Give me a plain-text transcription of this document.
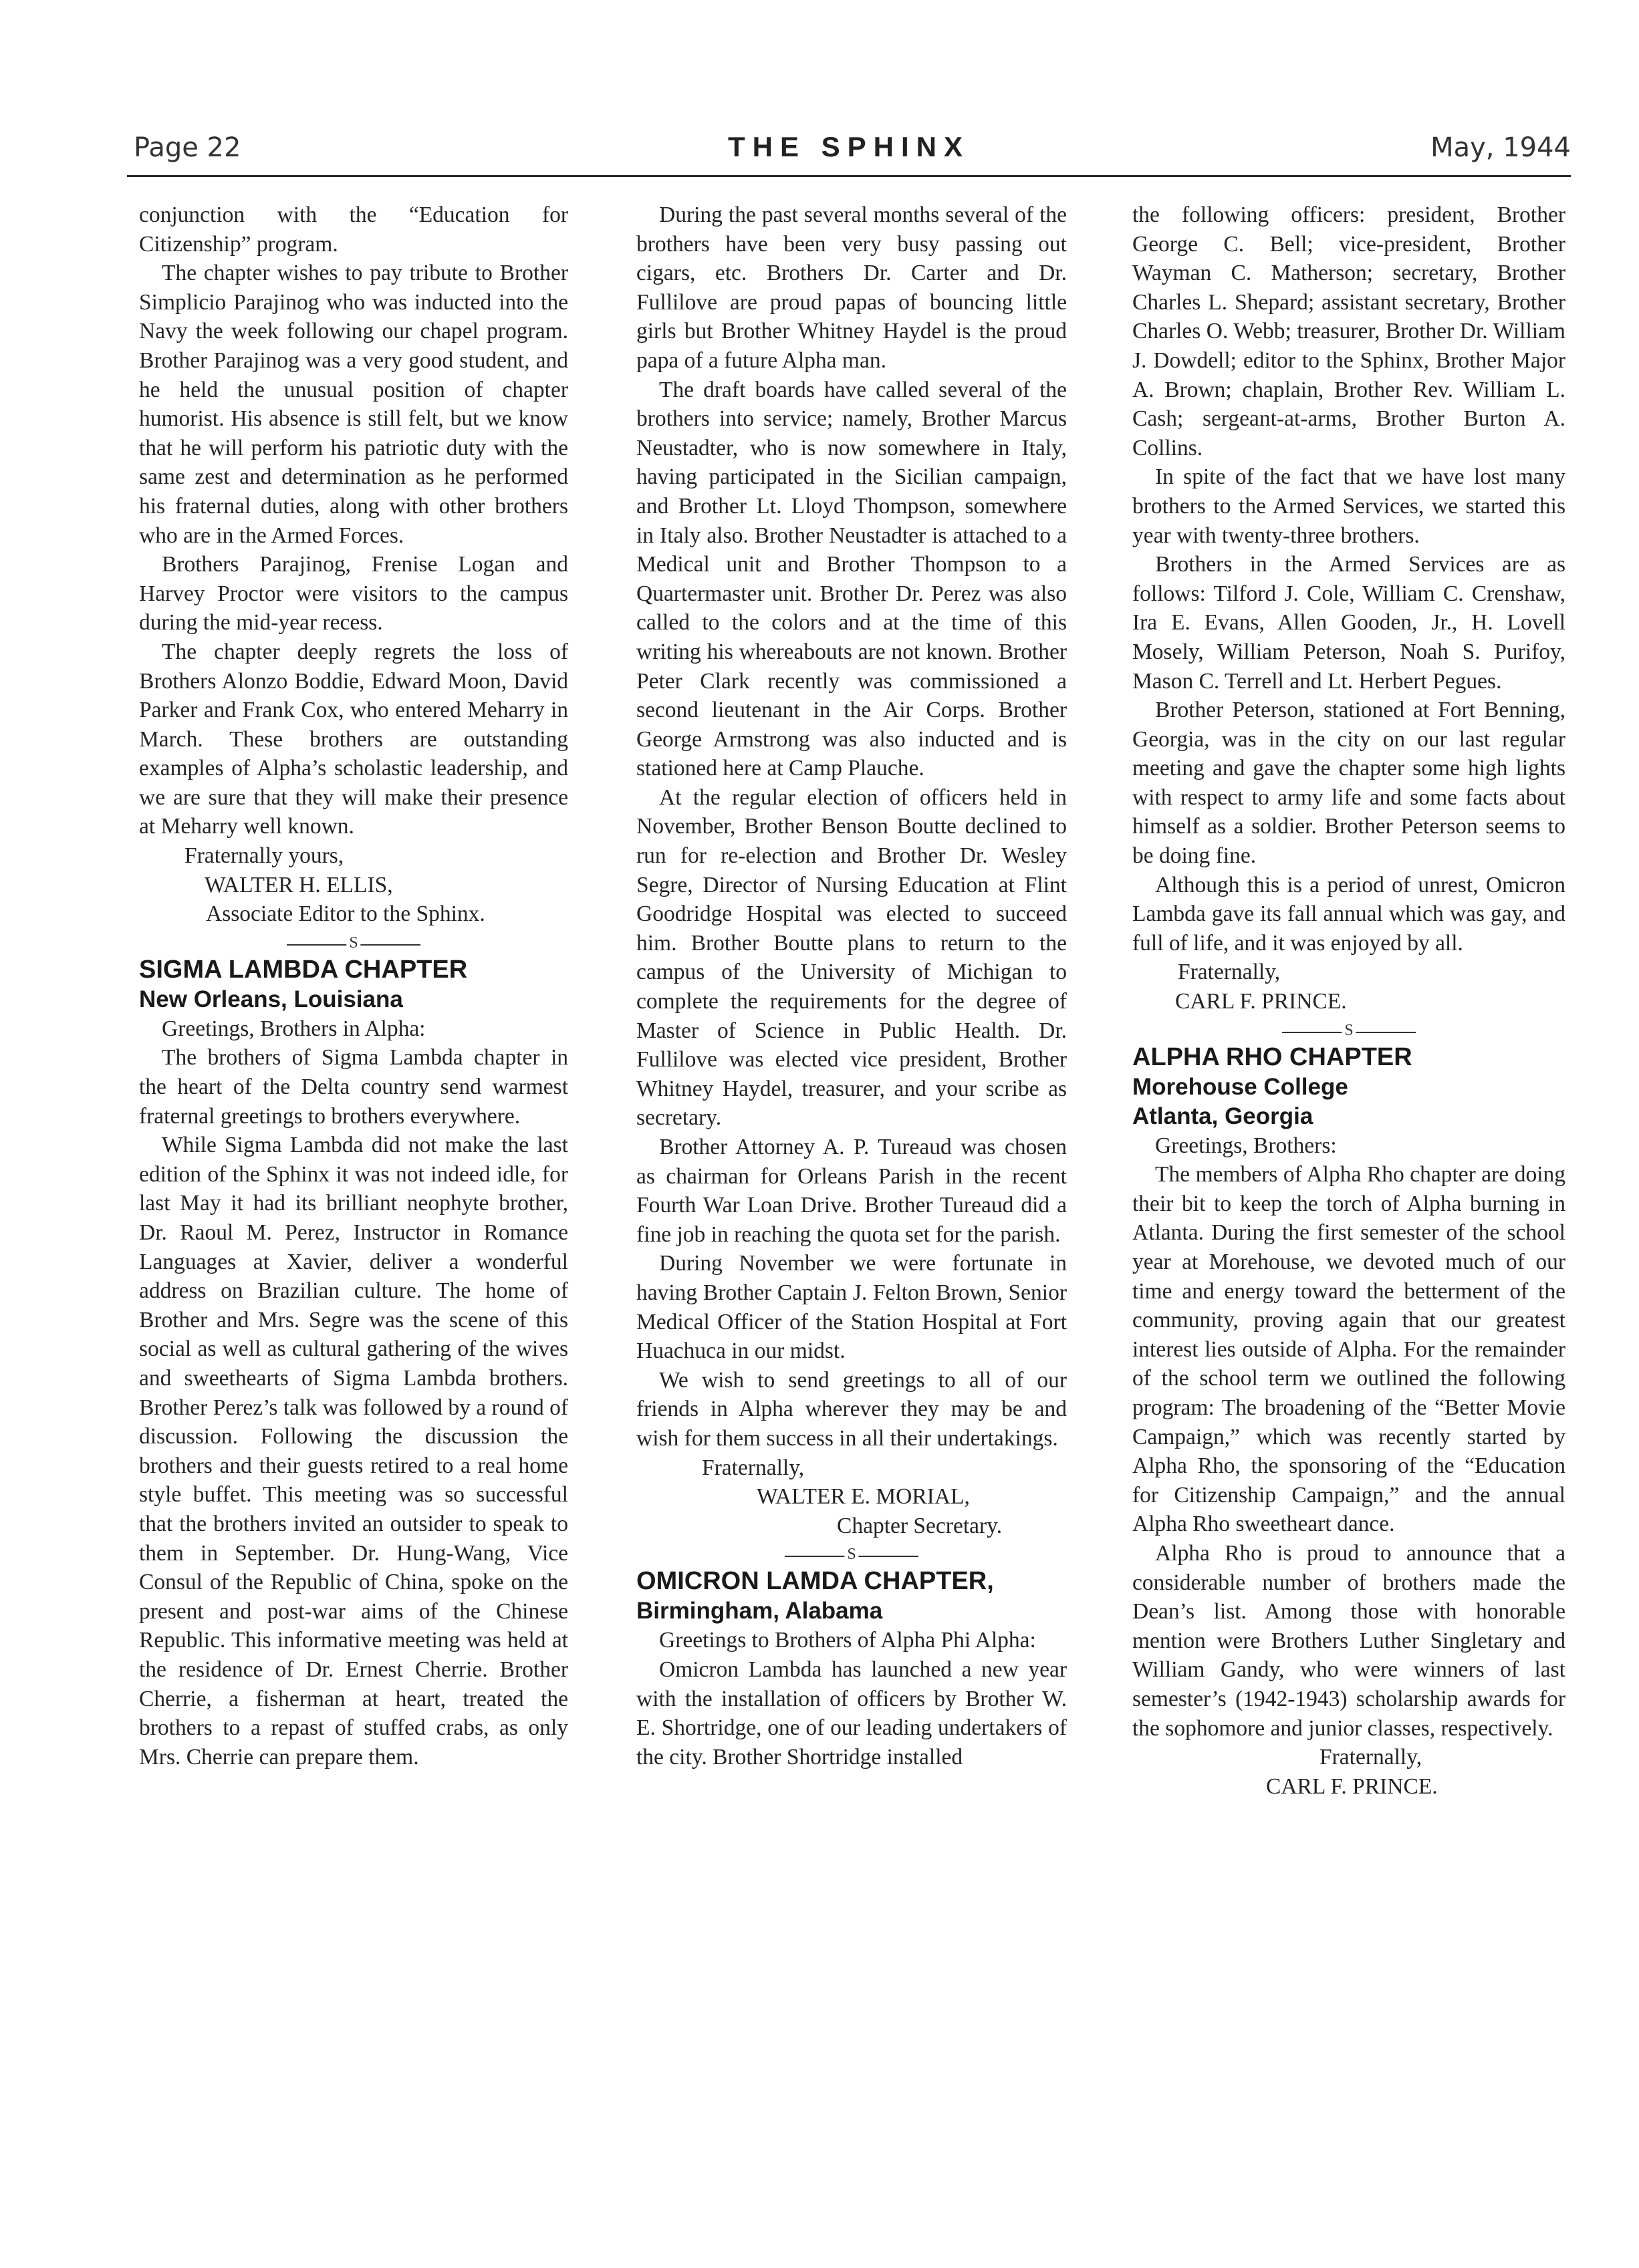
Page 22	THE SPHINX	May, 1944

conjunction with the “Education for Citizenship” program.

The chapter wishes to pay tribute to Brother Simplicio Parajinog who was inducted into the Navy the week following our chapel program. Brother Parajinog was a very good student, and he held the unusual position of chapter humorist. His absence is still felt, but we know that he will perform his patriotic duty with the same zest and determination as he performed his fraternal duties, along with other brothers who are in the Armed Forces.

Brothers Parajinog, Frenise Logan and Harvey Proctor were visitors to the campus during the mid-year recess.

The chapter deeply regrets the loss of Brothers Alonzo Boddie, Edward Moon, David Parker and Frank Cox, who entered Meharry in March. These brothers are outstanding examples of Alpha’s scholastic leadership, and we are sure that they will make their presence at Meharry well known.

Fraternally yours,
WALTER H. ELLIS,
Associate Editor to the Sphinx.
S
SIGMA LAMBDA CHAPTER
New Orleans, Louisiana

Greetings, Brothers in Alpha:

The brothers of Sigma Lambda chapter in the heart of the Delta country send warmest fraternal greetings to brothers everywhere.

While Sigma Lambda did not make the last edition of the Sphinx it was not indeed idle, for last May it had its brilliant neophyte brother, Dr. Raoul M. Perez, Instructor in Romance Languages at Xavier, deliver a wonderful address on Brazilian culture. The home of Brother and Mrs. Segre was the scene of this social as well as cultural gathering of the wives and sweethearts of Sigma Lambda brothers. Brother Perez’s talk was followed by a round of discussion. Following the discussion the brothers and their guests retired to a real home style buffet. This meeting was so successful that the brothers invited an outsider to speak to them in September. Dr. Hung-Wang, Vice Consul of the Republic of China, spoke on the present and post-war aims of the Chinese Republic. This informative meeting was held at the residence of Dr. Ernest Cherrie. Brother Cherrie, a fisherman at heart, treated the brothers to a repast of stuffed crabs, as only Mrs. Cherrie can prepare them.

During the past several months several of the brothers have been very busy passing out cigars, etc. Brothers Dr. Carter and Dr. Fullilove are proud papas of bouncing little girls but Brother Whitney Haydel is the proud papa of a future Alpha man.

The draft boards have called several of the brothers into service; namely, Brother Marcus Neustadter, who is now somewhere in Italy, having participated in the Sicilian campaign, and Brother Lt. Lloyd Thompson, somewhere in Italy also. Brother Neustadter is attached to a Medical unit and Brother Thompson to a Quartermaster unit. Brother Dr. Perez was also called to the colors and at the time of this writing his whereabouts are not known. Brother Peter Clark recently was commissioned a second lieutenant in the Air Corps. Brother George Armstrong was also inducted and is stationed here at Camp Plauche.

At the regular election of officers held in November, Brother Benson Boutte declined to run for re-election and Brother Dr. Wesley Segre, Director of Nursing Education at Flint Goodridge Hospital was elected to succeed him. Brother Boutte plans to return to the campus of the University of Michigan to complete the requirements for the degree of Master of Science in Public Health. Dr. Fullilove was elected vice president, Brother Whitney Haydel, treasurer, and your scribe as secretary.

Brother Attorney A. P. Tureaud was chosen as chairman for Orleans Parish in the recent Fourth War Loan Drive. Brother Tureaud did a fine job in reaching the quota set for the parish.

During November we were fortunate in having Brother Captain J. Felton Brown, Senior Medical Officer of the Station Hospital at Fort Huachuca in our midst.

We wish to send greetings to all of our friends in Alpha wherever they may be and wish for them success in all their undertakings.

Fraternally,
WALTER E. MORIAL,
Chapter Secretary.
S
OMICRON LAMDA CHAPTER,
Birmingham, Alabama

Greetings to Brothers of Alpha Phi Alpha:

Omicron Lambda has launched a new year with the installation of officers by Brother W. E. Shortridge, one of our leading undertakers of the city. Brother Shortridge installed

the following officers: president, Brother George C. Bell; vice-president, Brother Wayman C. Matherson; secretary, Brother Charles L. Shepard; assistant secretary, Brother Charles O. Webb; treasurer, Brother Dr. William J. Dowdell; editor to the Sphinx, Brother Major A. Brown; chaplain, Brother Rev. William L. Cash; sergeant-at-arms, Brother Burton A. Collins.

In spite of the fact that we have lost many brothers to the Armed Services, we started this year with twenty-three brothers.

Brothers in the Armed Services are as follows: Tilford J. Cole, William C. Crenshaw, Ira E. Evans, Allen Gooden, Jr., H. Lovell Mosely, William Peterson, Noah S. Purifoy, Mason C. Terrell and Lt. Herbert Pegues.

Brother Peterson, stationed at Fort Benning, Georgia, was in the city on our last regular meeting and gave the chapter some high lights with respect to army life and some facts about himself as a soldier. Brother Peterson seems to be doing fine.

Although this is a period of unrest, Omicron Lambda gave its fall annual which was gay, and full of life, and it was enjoyed by all.

Fraternally,
CARL F. PRINCE.
S
ALPHA RHO CHAPTER
Morehouse College
Atlanta, Georgia

Greetings, Brothers:

The members of Alpha Rho chapter are doing their bit to keep the torch of Alpha burning in Atlanta. During the first semester of the school year at Morehouse, we devoted much of our time and energy toward the betterment of the community, proving again that our greatest interest lies outside of Alpha. For the remainder of the school term we outlined the following program: The broadening of the “Better Movie Campaign,” which was recently started by Alpha Rho, the sponsoring of the “Education for Citizenship Campaign,” and the annual Alpha Rho sweetheart dance.

Alpha Rho is proud to announce that a considerable number of brothers made the Dean’s list. Among those with honorable mention were Brothers Luther Singletary and William Gandy, who were winners of last semester’s (1942-1943) scholarship awards for the sophomore and junior classes, respectively.

Fraternally,
CARL F. PRINCE.
